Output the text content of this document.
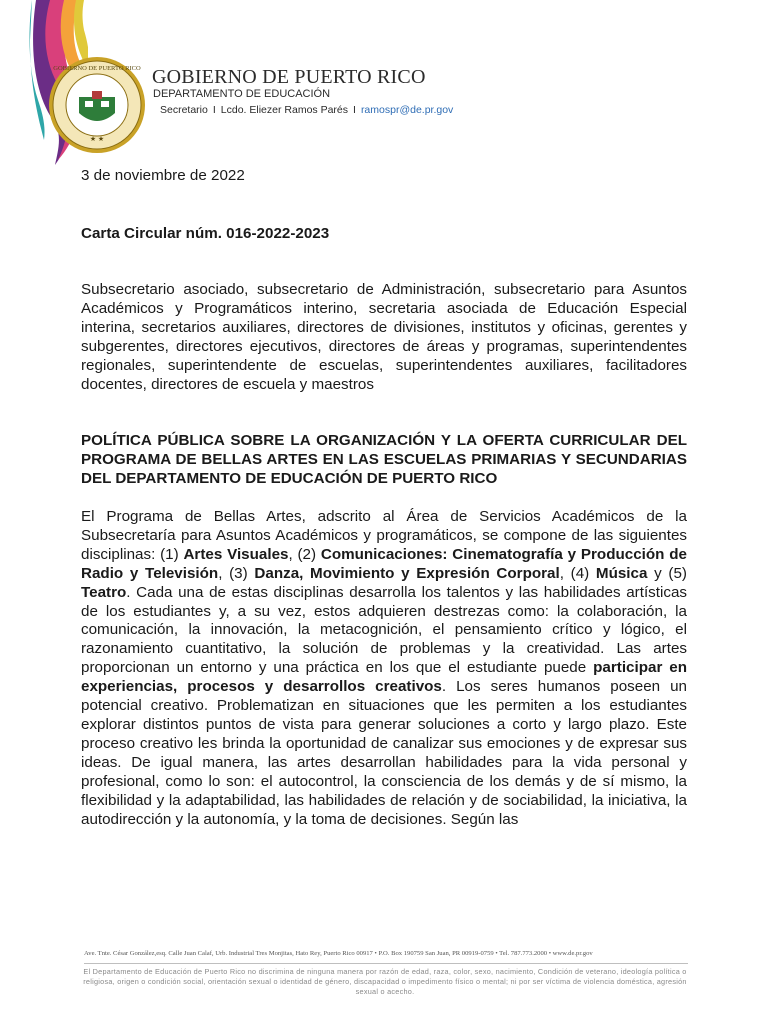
★ ★
GOBIERNO DE PUERTO RICO GOBIERNO DE PUERTO RICO
DEPARTAMENTO DE EDUCACIÓN
Secretario I Lcdo. Eliezer Ramos Parés I ramospr@de.pr.gov
3 de noviembre de 2022
Carta Circular núm. 016-2022-2023

Subsecretario asociado, subsecretario de Administración, subsecretario para Asuntos Académicos y Programáticos interino, secretaria asociada de Educación Especial interina, secretarios auxiliares, directores de divisiones, institutos y oficinas, gerentes y subgerentes, directores ejecutivos, directores de áreas y programas, superintendentes regionales, superintendente de escuelas, superintendentes auxiliares, facilitadores docentes, directores de escuela y maestros

POLÍTICA PÚBLICA SOBRE LA ORGANIZACIÓN Y LA OFERTA CURRICULAR DEL PROGRAMA DE BELLAS ARTES EN LAS ESCUELAS PRIMARIAS Y SECUNDARIAS DEL DEPARTAMENTO DE EDUCACIÓN DE PUERTO RICO

El Programa de Bellas Artes, adscrito al Área de Servicios Académicos de la Subsecretaría para Asuntos Académicos y programáticos, se compone de las siguientes disciplinas: (1) Artes Visuales, (2) Comunicaciones: Cinematografía y Producción de Radio y Televisión, (3) Danza, Movimiento y Expresión Corporal, (4) Música y (5) Teatro. Cada una de estas disciplinas desarrolla los talentos y las habilidades artísticas de los estudiantes y, a su vez, estos adquieren destrezas como: la colaboración, la comunicación, la innovación, la metacognición, el pensamiento crítico y lógico, el razonamiento cuantitativo, la solución de problemas y la creatividad. Las artes proporcionan un entorno y una práctica en los que el estudiante puede participar en experiencias, procesos y desarrollos creativos. Los seres humanos poseen un potencial creativo. Problematizan en situaciones que les permiten a los estudiantes explorar distintos puntos de vista para generar soluciones a corto y largo plazo. Este proceso creativo les brinda la oportunidad de canalizar sus emociones y de expresar sus ideas. De igual manera, las artes desarrollan habilidades para la vida personal y profesional, como lo son: el autocontrol, la consciencia de los demás y de sí mismo, la flexibilidad y la adaptabilidad, las habilidades de relación y de sociabilidad, la iniciativa, la autodirección y la autonomía, y la toma de decisiones. Según las

Ave. Tnte. César González,esq. Calle Juan Calaf, Urb. Industrial Tres Monjitas, Hato Rey, Puerto Rico 00917 • P.O. Box 190759 San Juan, PR 00919-0759 • Tel. 787.773.2000 • www.de.pr.gov
El Departamento de Educación de Puerto Rico no discrimina de ninguna manera por razón de edad, raza, color, sexo, nacimiento, Condición de veterano, ideología política o religiosa, origen o condición social, orientación sexual o identidad de género, discapacidad o impedimento físico o mental; ni por ser víctima de violencia doméstica, agresión sexual o acecho.
